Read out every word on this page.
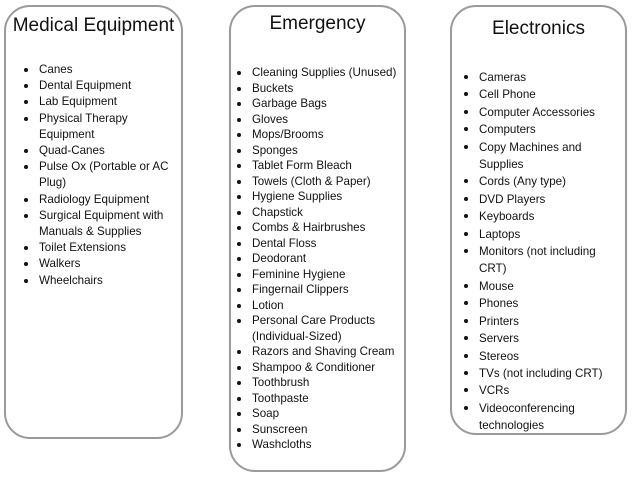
Medical Equipment
Canes
Dental Equipment
Lab Equipment
Physical Therapy Equipment
Quad-Canes
Pulse Ox (Portable or AC Plug)
Radiology Equipment
Surgical Equipment with Manuals & Supplies
Toilet Extensions
Walkers
Wheelchairs
Emergency
Cleaning Supplies (Unused)
Buckets
Garbage Bags
Gloves
Mops/Brooms
Sponges
Tablet Form Bleach
Towels (Cloth & Paper)
Hygiene Supplies
Chapstick
Combs & Hairbrushes
Dental Floss
Deodorant
Feminine Hygiene
Fingernail Clippers
Lotion
Personal Care Products (Individual-Sized)
Razors and Shaving Cream
Shampoo & Conditioner
Toothbrush
Toothpaste
Soap
Sunscreen
Washcloths
Electronics
Cameras
Cell Phone
Computer Accessories
Computers
Copy Machines and Supplies
Cords (Any type)
DVD Players
Keyboards
Laptops
Monitors (not including CRT)
Mouse
Phones
Printers
Servers
Stereos
TVs (not including CRT)
VCRs
Videoconferencing technologies
